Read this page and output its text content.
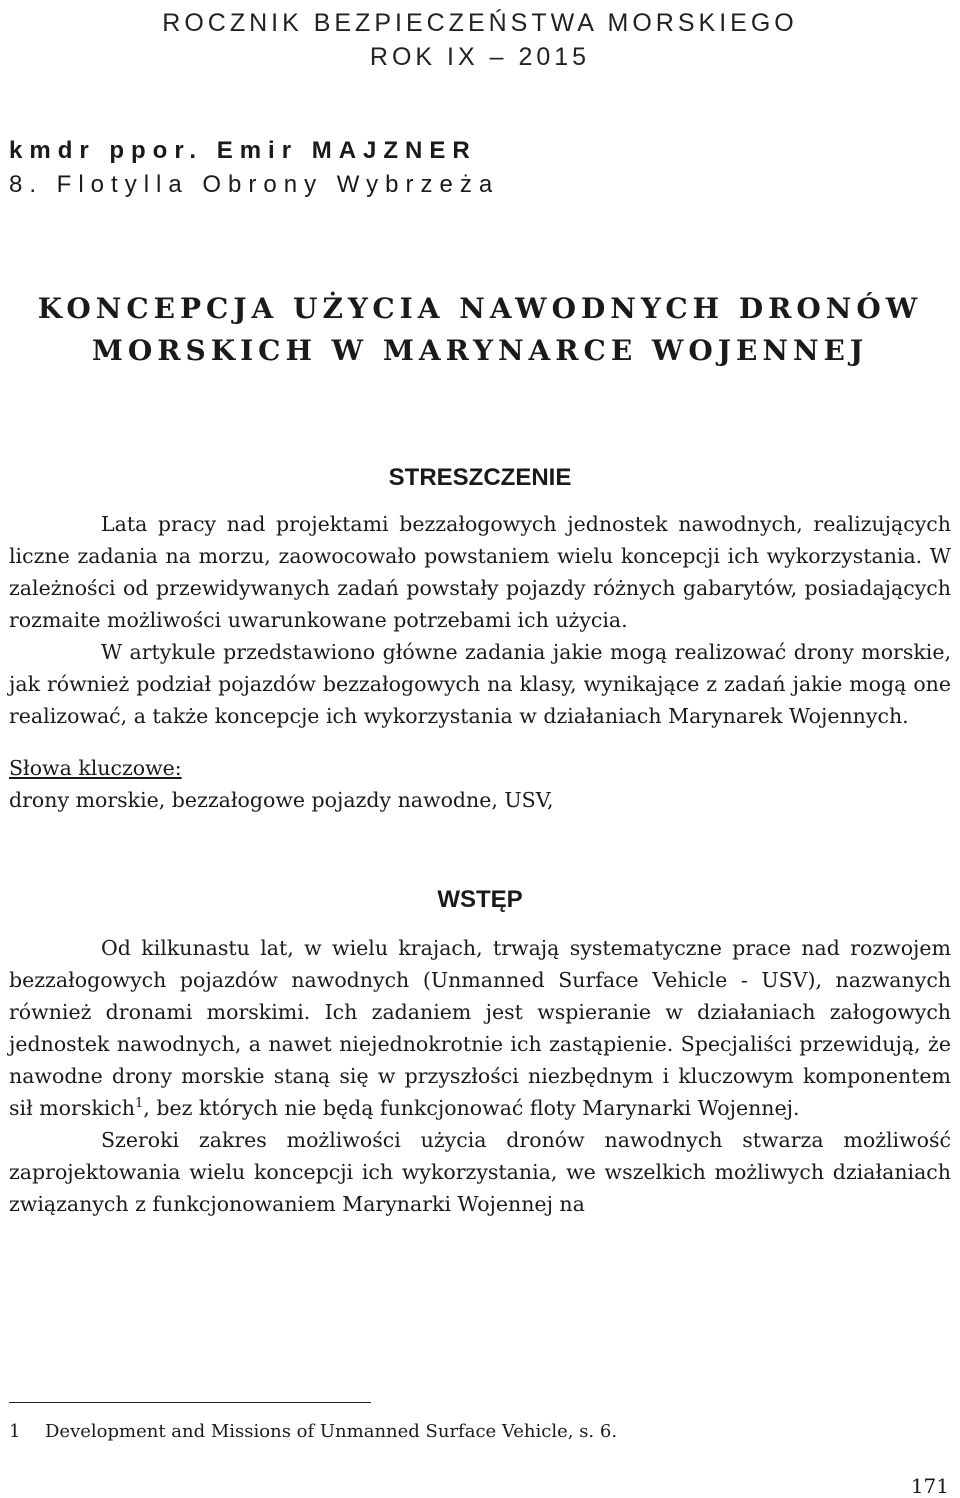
ROCZNIK BEZPIECZEŃSTWA MORSKIEGO
ROK IX – 2015
kmdr ppor. Emir MAJZNER
8. Flotylla Obrony Wybrzeża
KONCEPCJA UŻYCIA NAWODNYCH DRONÓW
MORSKICH W MARYNARCE WOJENNEJ
STRESZCZENIE

Lata pracy nad projektami bezzałogowych jednostek nawodnych, realizujących liczne zadania na morzu, zaowocowało powstaniem wielu koncepcji ich wykorzystania. W zależności od przewidywanych zadań powstały pojazdy różnych gabarytów, posiadających rozmaite możliwości uwarunkowane potrzebami ich użycia.

W artykule przedstawiono główne zadania jakie mogą realizować drony morskie, jak również podział pojazdów bezzałogowych na klasy, wynikające z zadań jakie mogą one realizować, a także koncepcje ich wykorzystania w działaniach Marynarek Wojennych.

Słowa kluczowe:
drony morskie, bezzałogowe pojazdy nawodne, USV,
WSTĘP

Od kilkunastu lat, w wielu krajach, trwają systematyczne prace nad rozwojem bezzałogowych pojazdów nawodnych (Unmanned Surface Vehicle - USV), nazwanych również dronami morskimi. Ich zadaniem jest wspieranie w działaniach załogowych jednostek nawodnych, a nawet niejednokrotnie ich zastąpienie. Specjaliści przewidują, że nawodne drony morskie staną się w przyszłości niezbędnym i kluczowym komponentem sił morskich$^1$, bez których nie będą funkcjonować floty Marynarki Wojennej.

Szeroki zakres możliwości użycia dronów nawodnych stwarza możliwość zaprojektowania wielu koncepcji ich wykorzystania, we wszelkich możliwych działaniach związanych z funkcjonowaniem Marynarki Wojennej na

1 Development and Missions of Unmanned Surface Vehicle, s. 6.
171
